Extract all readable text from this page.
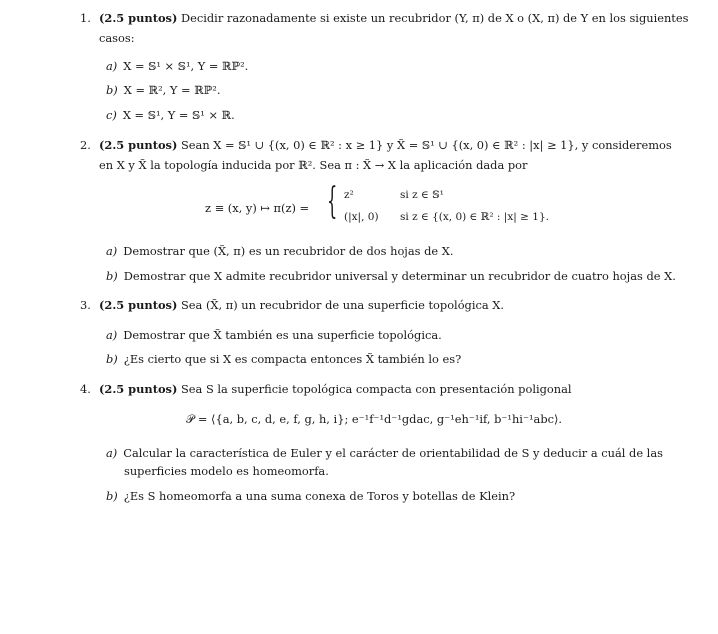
1. (2.5 puntos) Decidir razonadamente si existe un recubridor (Y, π) de X o (X, π) de Y en los siguientes
casos:
a) X = 𝕊¹ × 𝕊¹, Y = ℝℙ².
b) X = ℝ², Y = ℝℙ².
c) X = 𝕊¹, Y = 𝕊¹ × ℝ.
2. (2.5 puntos) Sean X = 𝕊¹ ∪ {(x, 0) ∈ ℝ² : x ≥ 1} y X̃ = 𝕊¹ ∪ {(x, 0) ∈ ℝ² : |x| ≥ 1}, y consideremos
en X y X̃ la topología inducida por ℝ². Sea π : X̃ → X la aplicación dada por
z ≡ (x, y) ↦ π(z) = { z²	si z ∈ 𝕊¹
(|x|, 0) si z ∈ {(x, 0) ∈ ℝ² : |x| ≥ 1}.
a) Demostrar que (X̃, π) es un recubridor de dos hojas de X.
b) Demostrar que X admite recubridor universal y determinar un recubridor de cuatro hojas de X.
3. (2.5 puntos) Sea (X̃, π) un recubridor de una superficie topológica X.
a) Demostrar que X̃ también es una superficie topológica.
b) ¿Es cierto que si X es compacta entonces X̃ también lo es?
4. (2.5 puntos) Sea S la superficie topológica compacta con presentación poligonal
𝒫 = ⟨{a, b, c, d, e, f, g, h, i}; e⁻¹f⁻¹d⁻¹gdac, g⁻¹eh⁻¹if, b⁻¹hi⁻¹abc⟩.
a) Calcular la característica de Euler y el carácter de orientabilidad de S y deducir a cuál de las
superficies modelo es homeomorfa.
b) ¿Es S homeomorfa a una suma conexa de Toros y botellas de Klein?
